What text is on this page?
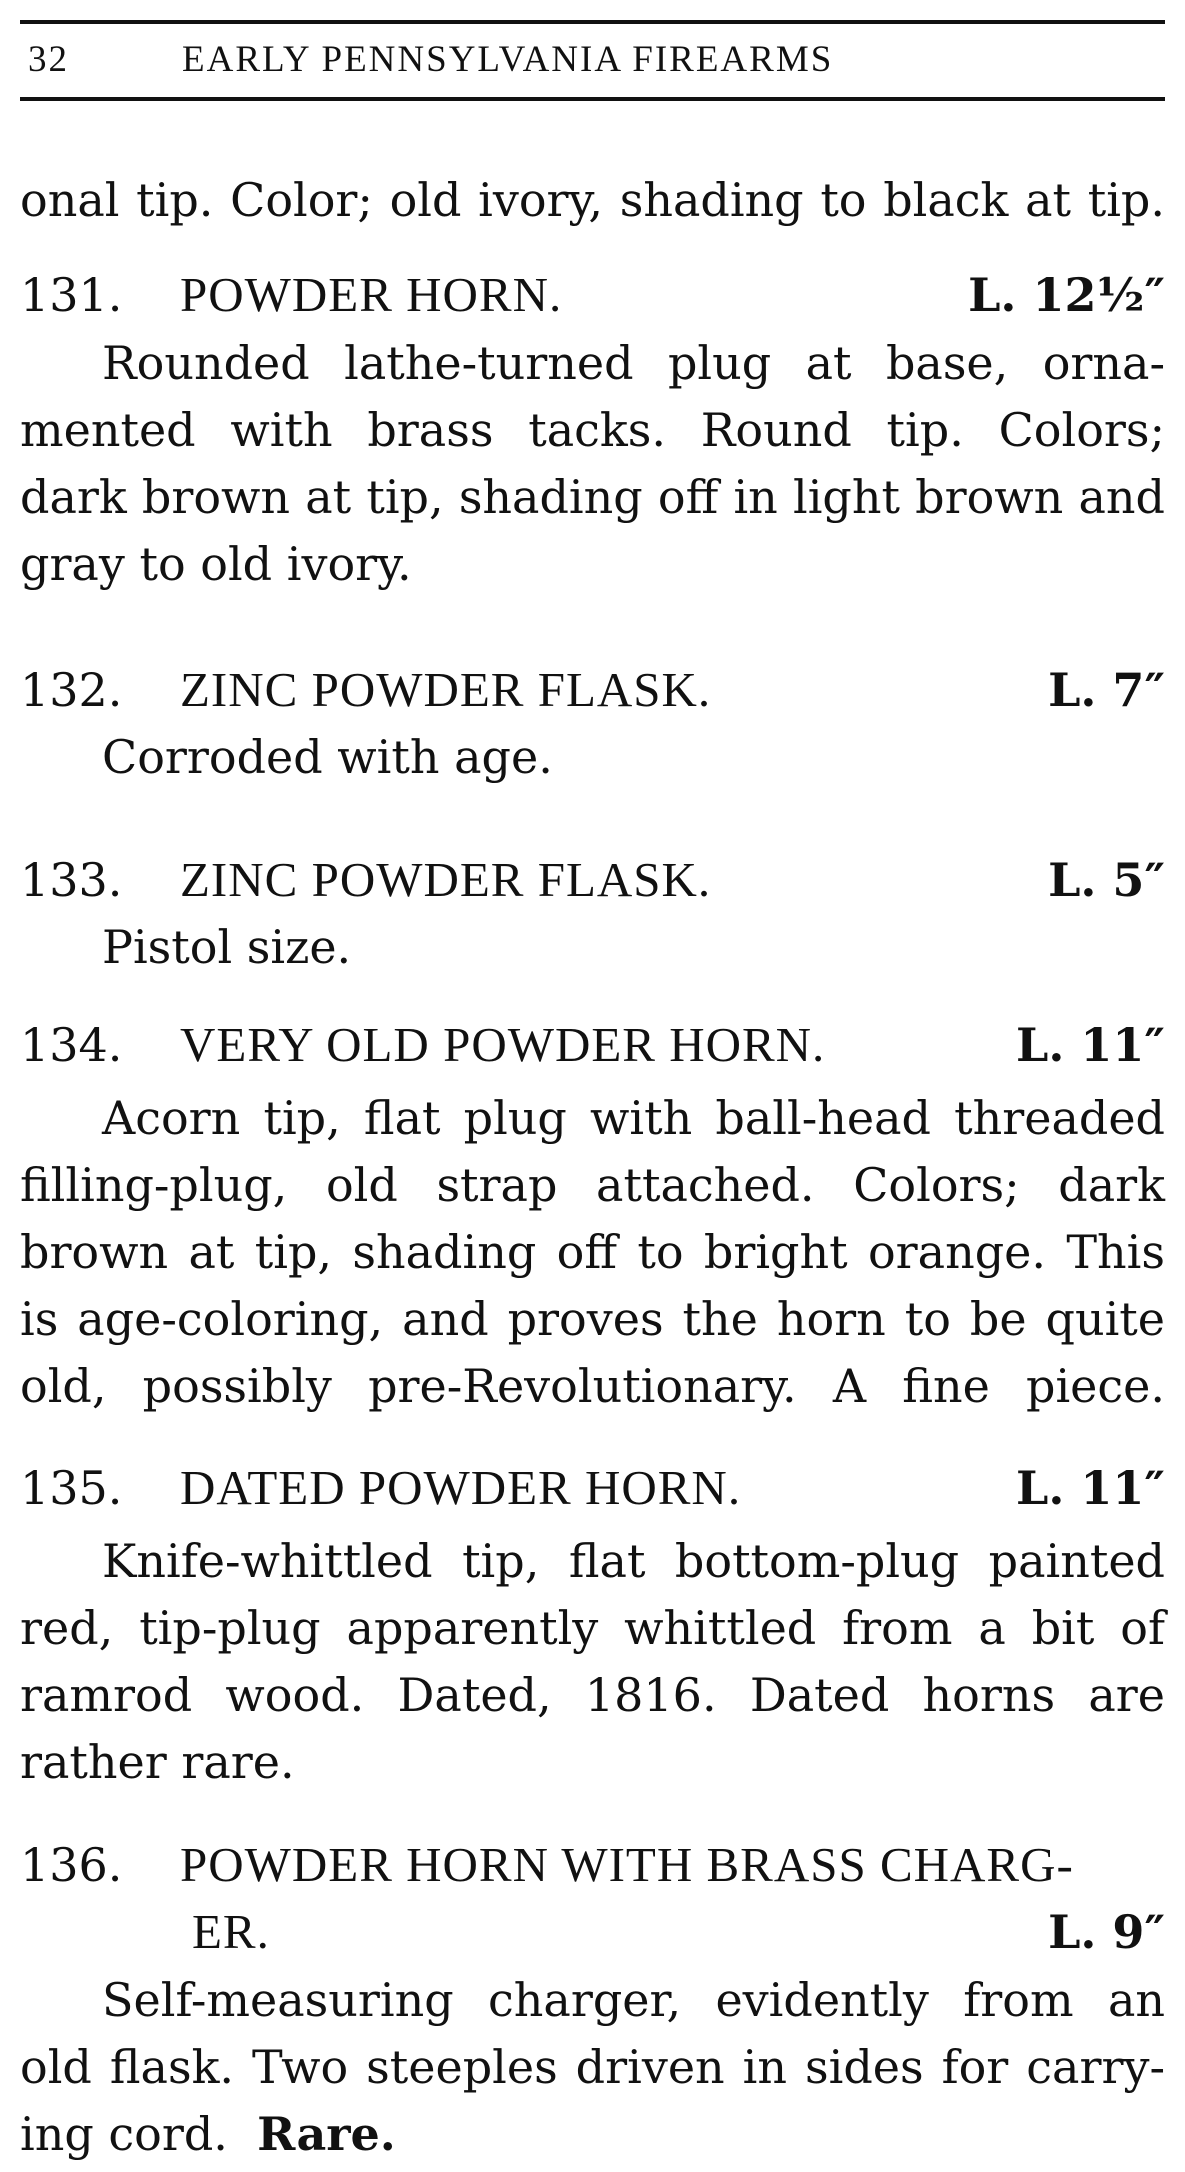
32	EARLY PENNSYLVANIA FIREARMS
onal tip. Color; old ivory, shading to black at tip.
131. POWDER HORN.	L. 12½″
Rounded lathe-turned plug at base, orna-
mented with brass tacks. Round tip. Colors;
dark brown at tip, shading off in light brown and
gray to old ivory.
132. ZINC POWDER FLASK.	L. 7″
Corroded with age.
133. ZINC POWDER FLASK.	L. 5″
Pistol size.
134. VERY OLD POWDER HORN.	L. 11″
Acorn tip, flat plug with ball-head threaded
filling-plug, old strap attached. Colors; dark
brown at tip, shading off to bright orange. This
is age-coloring, and proves the horn to be quite
old, possibly pre-Revolutionary. A fine piece.
135. DATED POWDER HORN.	L. 11″
Knife-whittled tip, flat bottom-plug painted
red, tip-plug apparently whittled from a bit of
ramrod wood. Dated, 1816. Dated horns are
rather rare.
136. POWDER HORN WITH BRASS CHARG-
ER.	L. 9″
Self-measuring charger, evidently from an
old flask. Two steeples driven in sides for carry-
ing cord. Rare.
